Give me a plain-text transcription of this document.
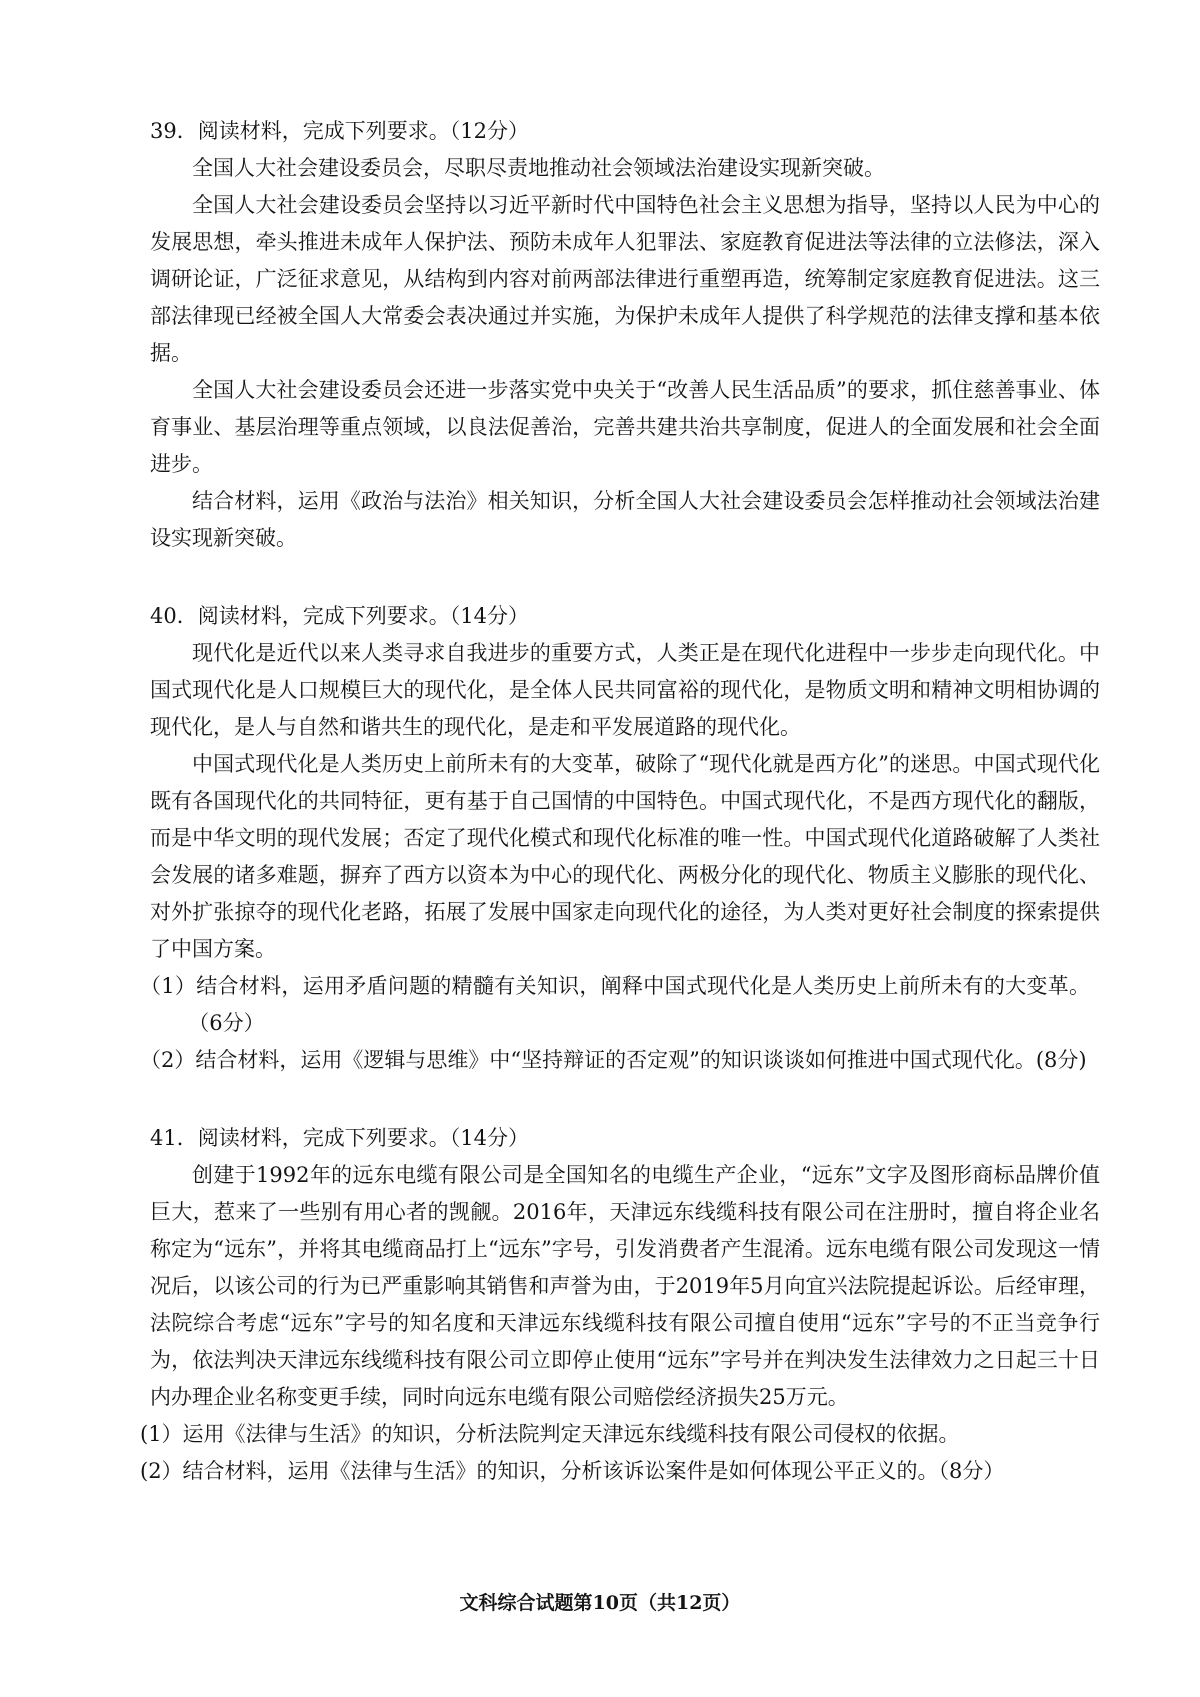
39．阅读材料，完成下列要求。（12分）

全国人大社会建设委员会，尽职尽责地推动社会领域法治建设实现新突破。

全国人大社会建设委员会坚持以习近平新时代中国特色社会主义思想为指导，坚持以人民为中心的发展思想，牵头推进未成年人保护法、预防未成年人犯罪法、家庭教育促进法等法律的立法修法，深入调研论证，广泛征求意见，从结构到内容对前两部法律进行重塑再造，统筹制定家庭教育促进法。这三部法律现已经被全国人大常委会表决通过并实施，为保护未成年人提供了科学规范的法律支撑和基本依据。

全国人大社会建设委员会还进一步落实党中央关于“改善人民生活品质”的要求，抓住慈善事业、体育事业、基层治理等重点领域，以良法促善治，完善共建共治共享制度，促进人的全面发展和社会全面进步。

结合材料，运用《政治与法治》相关知识，分析全国人大社会建设委员会怎样推动社会领域法治建设实现新突破。

40．阅读材料，完成下列要求。（14分）

现代化是近代以来人类寻求自我进步的重要方式，人类正是在现代化进程中一步步走向现代化。中国式现代化是人口规模巨大的现代化，是全体人民共同富裕的现代化，是物质文明和精神文明相协调的现代化，是人与自然和谐共生的现代化，是走和平发展道路的现代化。

中国式现代化是人类历史上前所未有的大变革，破除了“现代化就是西方化”的迷思。中国式现代化既有各国现代化的共同特征，更有基于自己国情的中国特色。中国式现代化，不是西方现代化的翻版，而是中华文明的现代发展；否定了现代化模式和现代化标准的唯一性。中国式现代化道路破解了人类社会发展的诸多难题，摒弃了西方以资本为中心的现代化、两极分化的现代化、物质主义膨胀的现代化、对外扩张掠夺的现代化老路，拓展了发展中国家走向现代化的途径，为人类对更好社会制度的探索提供了中国方案。

（1）结合材料，运用矛盾问题的精髓有关知识，阐释中国式现代化是人类历史上前所未有的大变革。（6分）

（2）结合材料，运用《逻辑与思维》中“坚持辩证的否定观”的知识谈谈如何推进中国式现代化。(8分)

41．阅读材料，完成下列要求。（14分）

创建于1992年的远东电缆有限公司是全国知名的电缆生产企业，“远东”文字及图形商标品牌价值巨大，惹来了一些别有用心者的觊觎。2016年，天津远东线缆科技有限公司在注册时，擅自将企业名称定为“远东”，并将其电缆商品打上“远东”字号，引发消费者产生混淆。远东电缆有限公司发现这一情况后，以该公司的行为已严重影响其销售和声誉为由，于2019年5月向宜兴法院提起诉讼。后经审理，法院综合考虑“远东”字号的知名度和天津远东线缆科技有限公司擅自使用“远东”字号的不正当竞争行为，依法判决天津远东线缆科技有限公司立即停止使用“远东”字号并在判决发生法律效力之日起三十日内办理企业名称变更手续，同时向远东电缆有限公司赔偿经济损失25万元。

(1）运用《法律与生活》的知识，分析法院判定天津远东线缆科技有限公司侵权的依据。

(2）结合材料，运用《法律与生活》的知识，分析该诉讼案件是如何体现公平正义的。（8分）

文科综合试题第10页（共12页）
